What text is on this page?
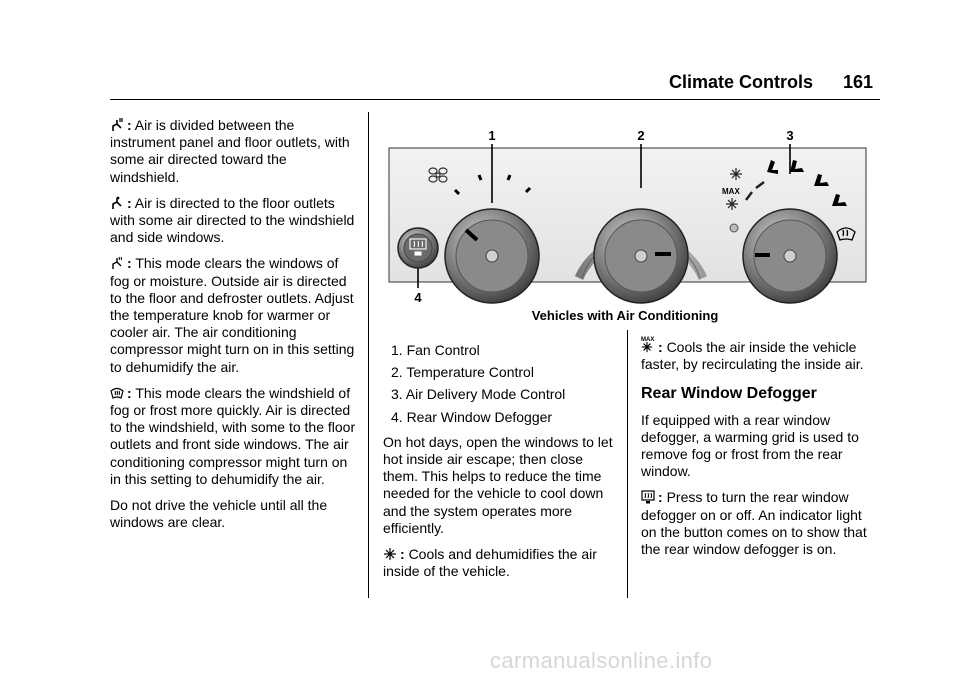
Climate Controls 161

: Air is divided between the instrument panel and floor outlets, with some air directed toward the windshield.

: Air is directed to the floor outlets with some air directed to the windshield and side windows.

: This mode clears the windows of fog or moisture. Outside air is directed to the floor and defroster outlets. Adjust the temperature knob for warmer or cooler air. The air conditioning compressor might turn on in this setting to dehumidify the air.

: This mode clears the windshield of fog or frost more quickly. Air is directed to the windshield, with some to the floor outlets and front side windows. The air conditioning compressor might turn on in this setting to dehumidify the air.

Do not drive the vehicle until all the windows are clear.

1	2	3
4
MAX
Vehicles with Air Conditioning
1. Fan Control
2. Temperature Control
3. Air Delivery Mode Control
4. Rear Window Defogger

On hot days, open the windows to let hot inside air escape; then close them. This helps to reduce the time needed for the vehicle to cool down and the system operates more efficiently.

: Cools and dehumidifies the air inside of the vehicle.

MAX : Cools the air inside the vehicle faster, by recirculating the inside air.

Rear Window Defogger

If equipped with a rear window defogger, a warming grid is used to remove fog or frost from the rear window.

: Press to turn the rear window defogger on or off. An indicator light on the button comes on to show that the rear window defogger is on.

carmanualsonline.info
